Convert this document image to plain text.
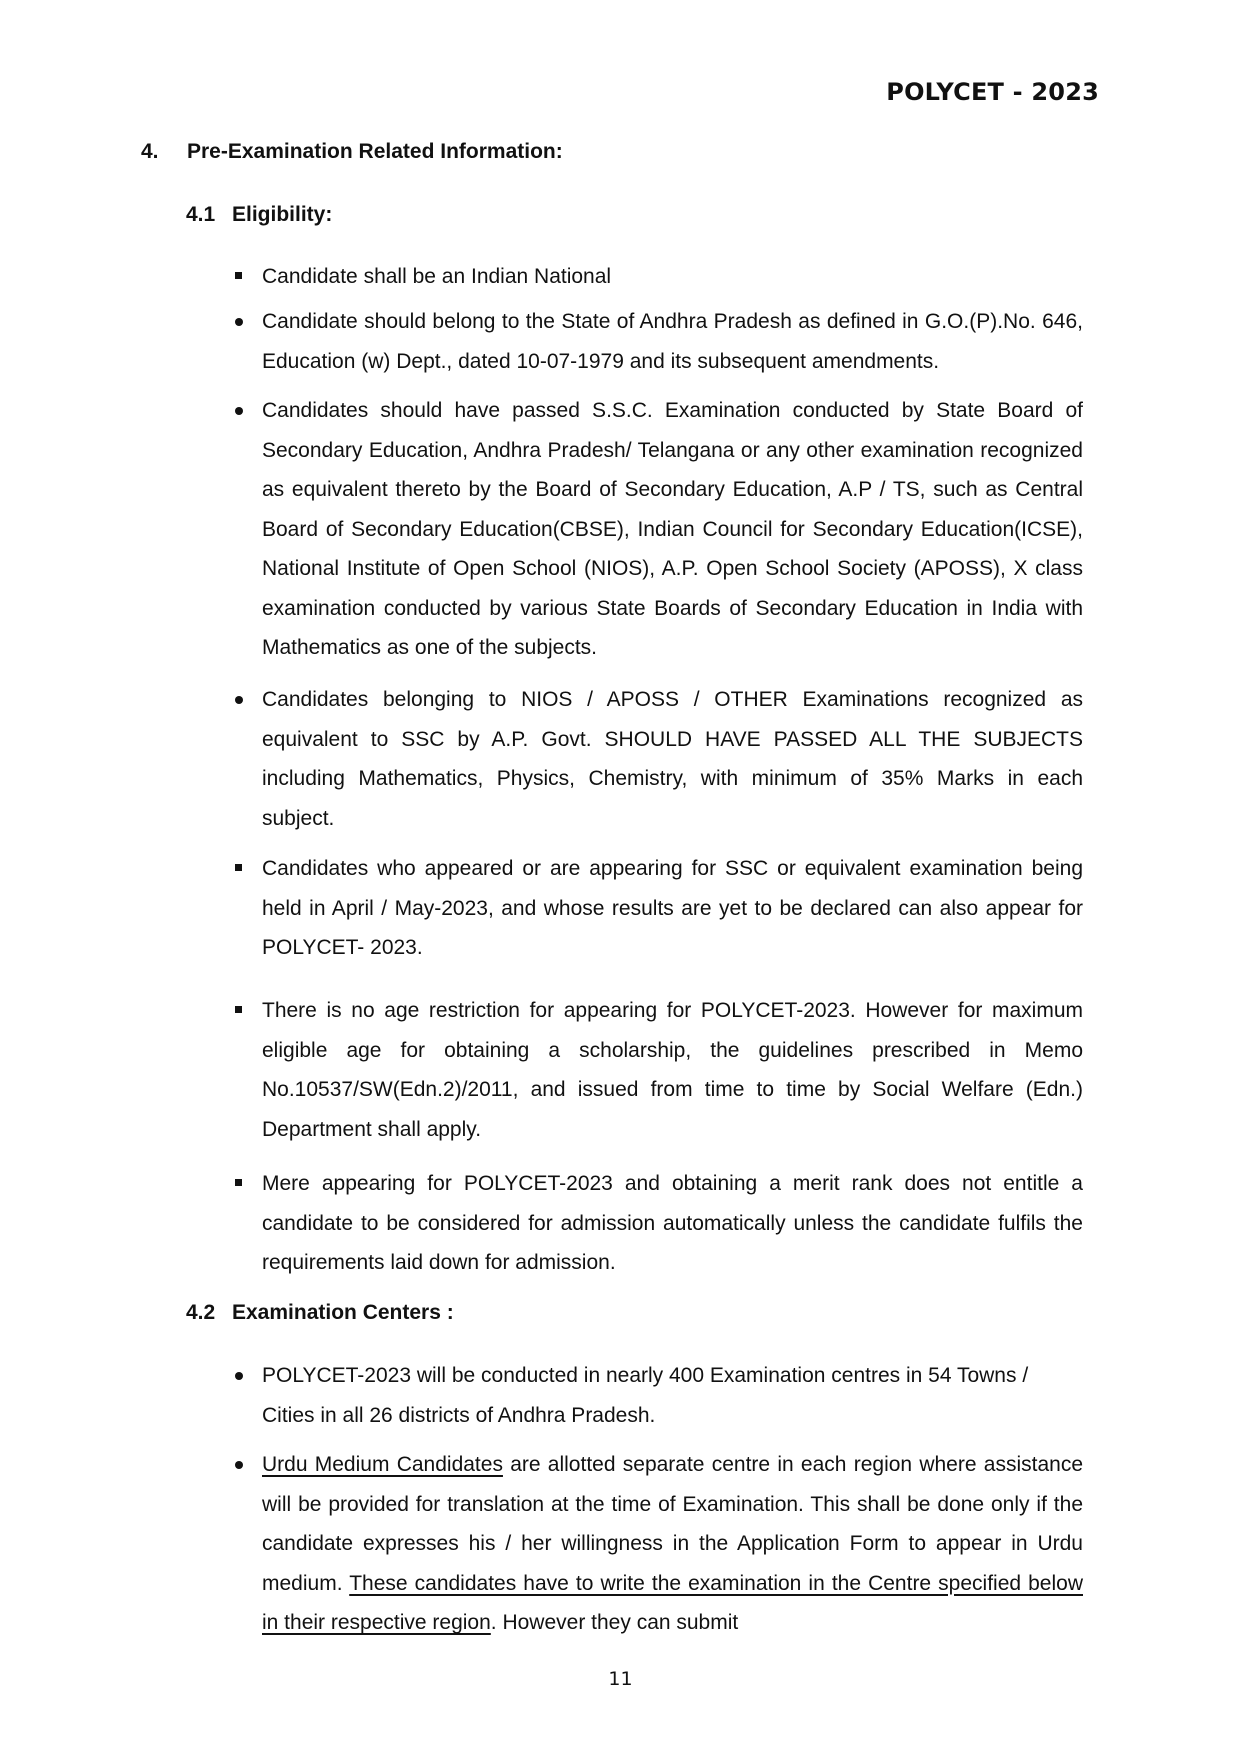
POLYCET - 2023
4. Pre-Examination Related Information:
4.1 Eligibility:
Candidate shall be an Indian National
Candidate should belong to the State of Andhra Pradesh as defined in G.O.(P).No. 646, Education (w) Dept., dated 10-07-1979 and its subsequent amendments.
Candidates should have passed S.S.C. Examination conducted by State Board of Secondary Education, Andhra Pradesh/ Telangana or any other examination recognized as equivalent thereto by the Board of Secondary Education, A.P / TS, such as Central Board of Secondary Education(CBSE), Indian Council for Secondary Education(ICSE), National Institute of Open School (NIOS), A.P. Open School Society (APOSS), X class examination conducted by various State Boards of Secondary Education in India with Mathematics as one of the subjects.
Candidates belonging to NIOS / APOSS / OTHER Examinations recognized as equivalent to SSC by A.P. Govt. SHOULD HAVE PASSED ALL THE SUBJECTS including Mathematics, Physics, Chemistry, with minimum of 35% Marks in each subject.
Candidates who appeared or are appearing for SSC or equivalent examination being held in April / May-2023, and whose results are yet to be declared can also appear for POLYCET- 2023.
There is no age restriction for appearing for POLYCET-2023. However for maximum eligible age for obtaining a scholarship, the guidelines prescribed in Memo No.10537/SW(Edn.2)/2011, and issued from time to time by Social Welfare (Edn.) Department shall apply.
Mere appearing for POLYCET-2023 and obtaining a merit rank does not entitle a candidate to be considered for admission automatically unless the candidate fulfils the requirements laid down for admission.
4.2 Examination Centers :
POLYCET-2023 will be conducted in nearly 400 Examination centres in 54 Towns / Cities in all 26 districts of Andhra Pradesh.
Urdu Medium Candidates are allotted separate centre in each region where assistance will be provided for translation at the time of Examination. This shall be done only if the candidate expresses his / her willingness in the Application Form to appear in Urdu medium. These candidates have to write the examination in the Centre specified below in their respective region. However they can submit
11
